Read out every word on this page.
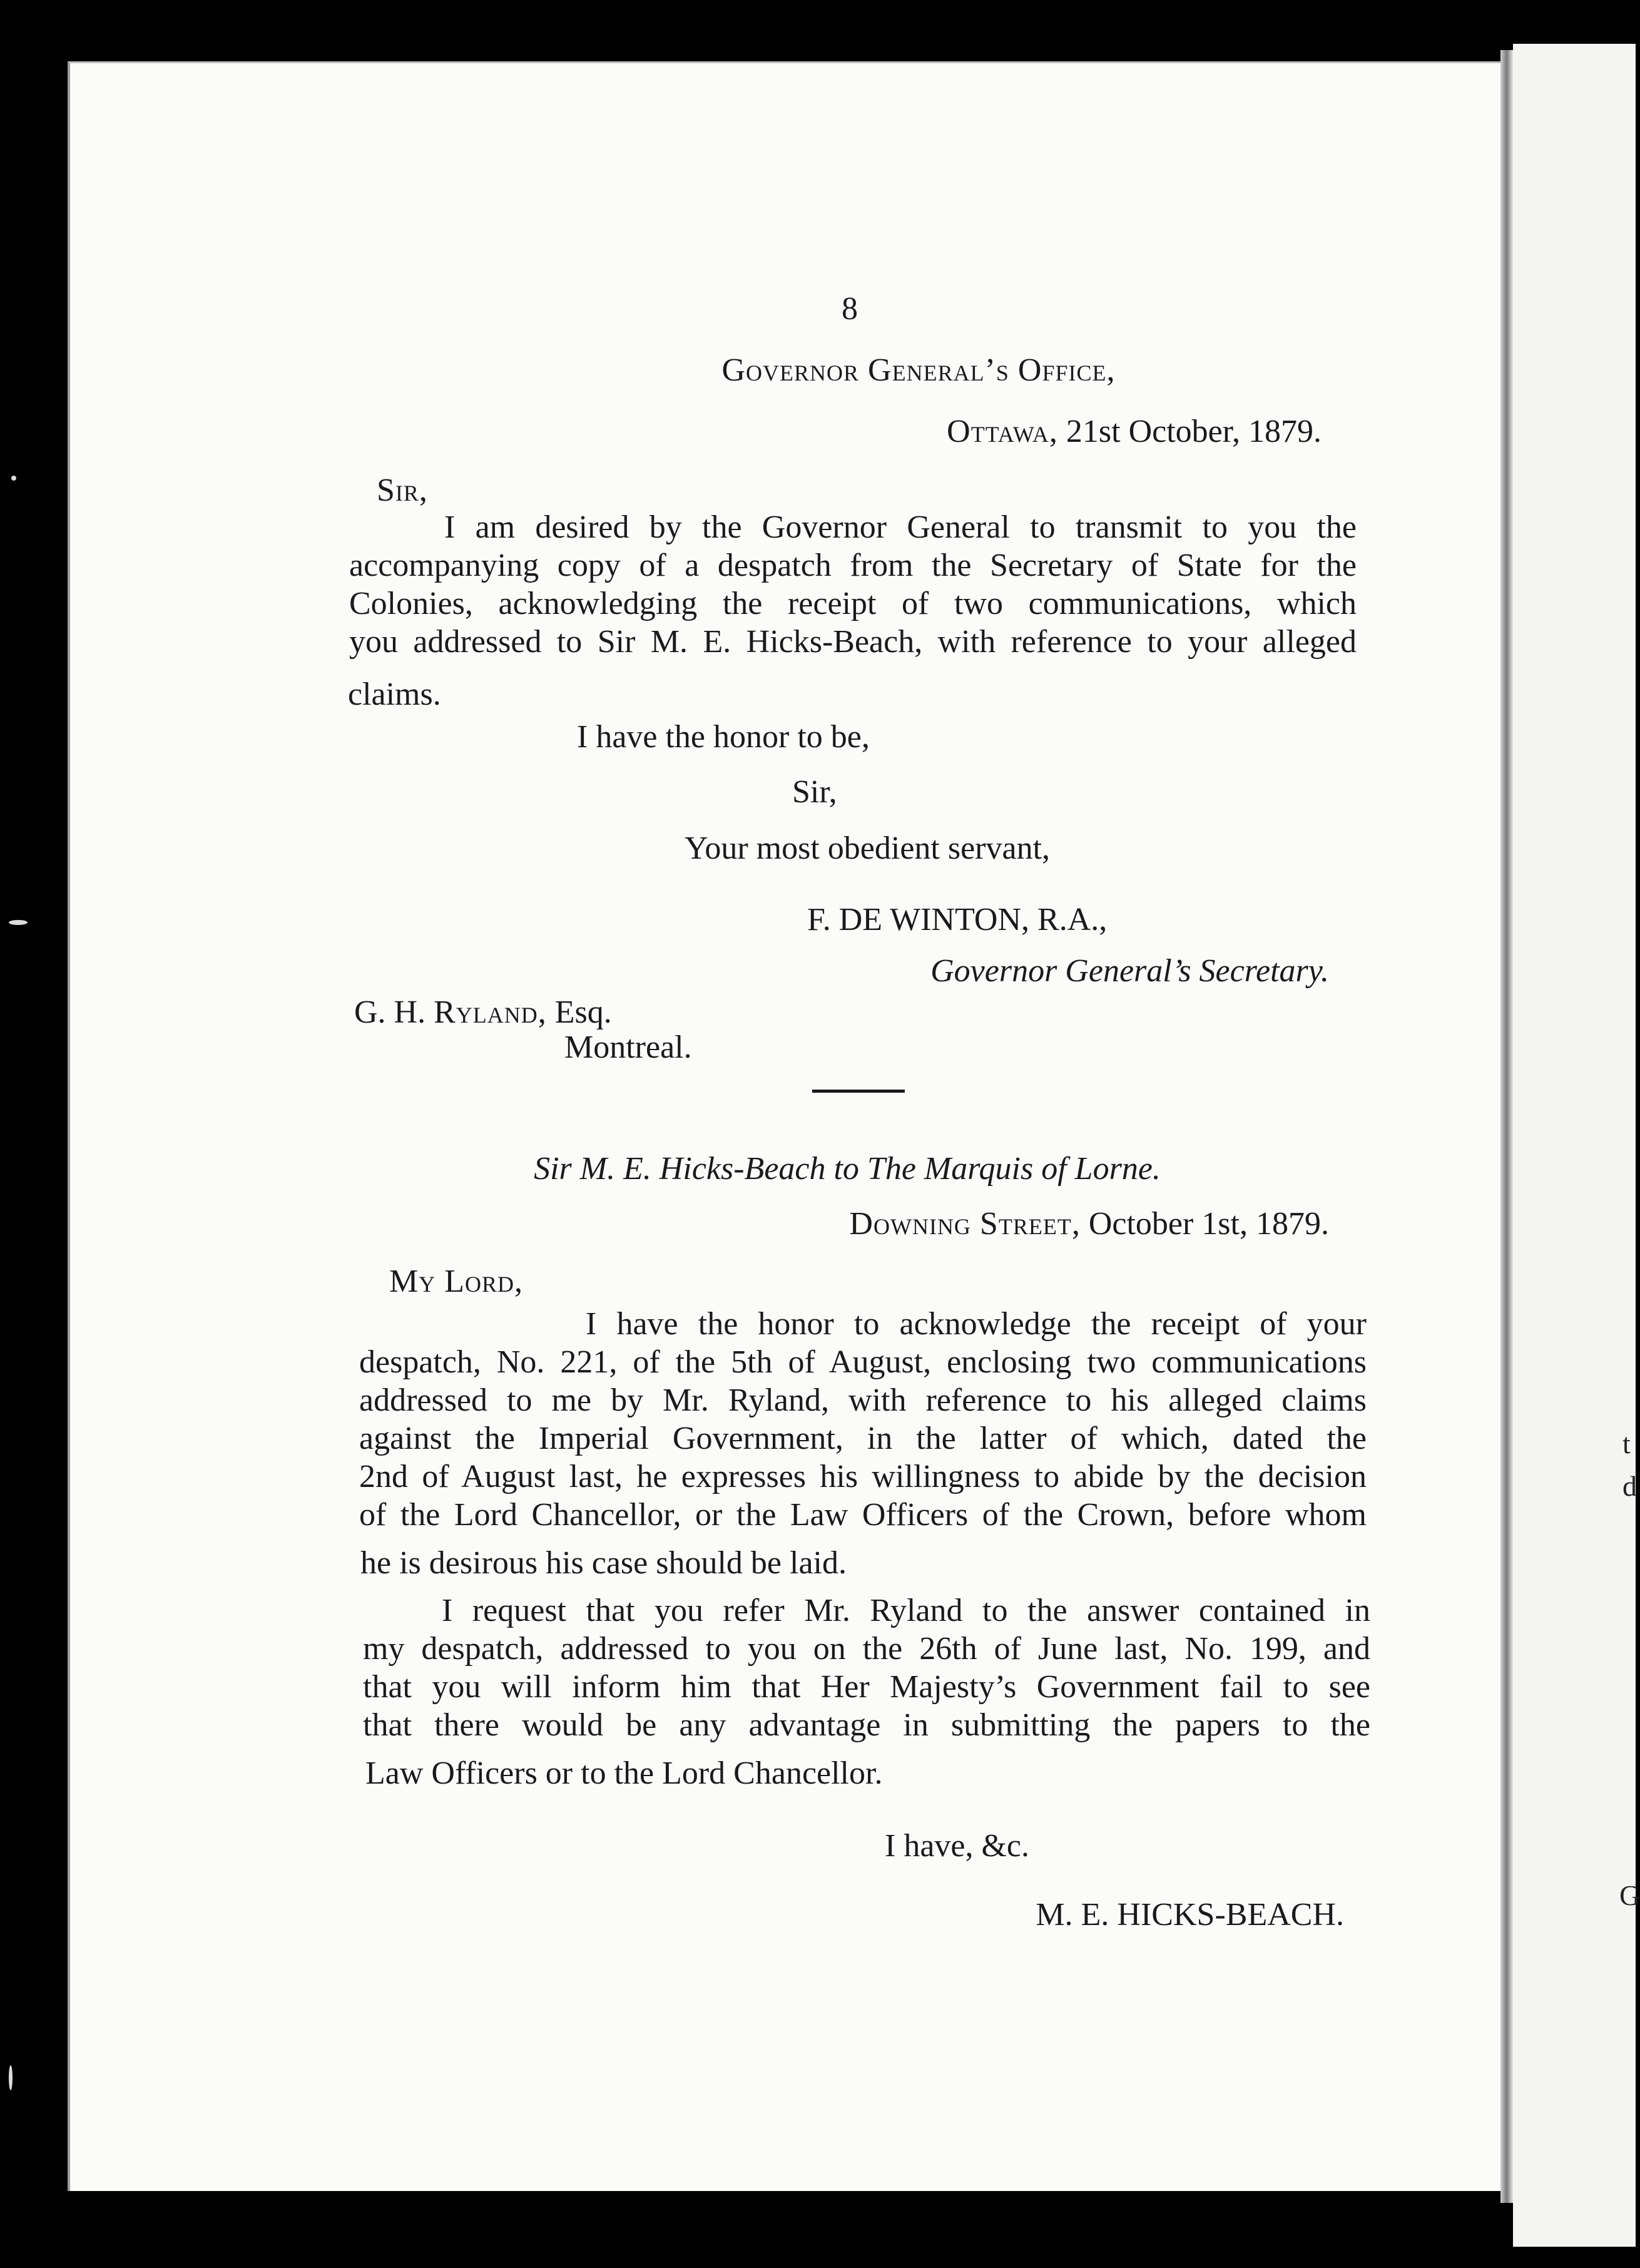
t
d
G
8
Governor General’s Office,
Ottawa, 21st October, 1879.
Sir,
I am desired by the Governor General to transmit to you the
accompanying copy of a despatch from the Secretary of State for the
Colonies, acknowledging the receipt of two communications, which
you addressed to Sir M. E. Hicks-Beach, with reference to your alleged
claims.
I have the honor to be,
Sir,
Your most obedient servant,
F. DE WINTON, R.A.,
Governor General’s Secretary.
G. H. Ryland, Esq.
Montreal.
Sir M. E. Hicks-Beach to The Marquis of Lorne.
Downing Street, October 1st, 1879.
My Lord,
I have the honor to acknowledge the receipt of your
despatch, No. 221, of the 5th of August, enclosing two communications
addressed to me by Mr. Ryland, with reference to his alleged claims
against the Imperial Government, in the latter of which, dated the
2nd of August last, he expresses his willingness to abide by the decision
of the Lord Chancellor, or the Law Officers of the Crown, before whom
he is desirous his case should be laid.
I request that you refer Mr. Ryland to the answer contained in
my despatch, addressed to you on the 26th of June last, No. 199, and
that you will inform him that Her Majesty’s Government fail to see
that there would be any advantage in submitting the papers to the
Law Officers or to the Lord Chancellor.
I have, &c.
M. E. HICKS-BEACH.
